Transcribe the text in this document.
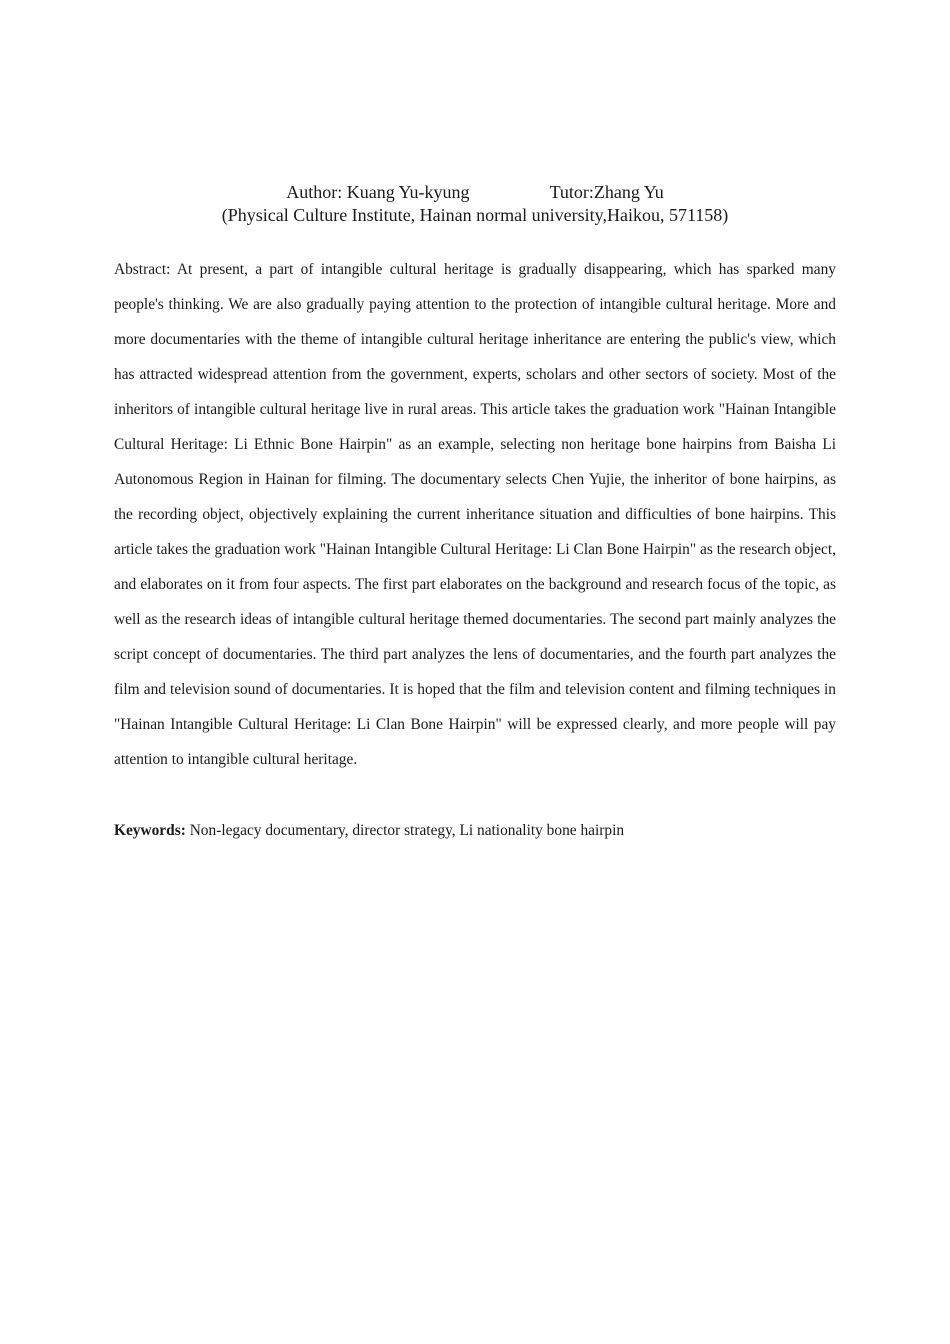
Author: Kuang Yu-kyung	Tutor:Zhang Yu
(Physical Culture Institute, Hainan normal university,Haikou, 571158)

Abstract: At present, a part of intangible cultural heritage is gradually disappearing, which has sparked many people's thinking. We are also gradually paying attention to the protection of intangible cultural heritage. More and more documentaries with the theme of intangible cultural heritage inheritance are entering the public's view, which has attracted widespread attention from the government, experts, scholars and other sectors of society. Most of the inheritors of intangible cultural heritage live in rural areas. This article takes the graduation work "Hainan Intangible Cultural Heritage: Li Ethnic Bone Hairpin" as an example, selecting non heritage bone hairpins from Baisha Li Autonomous Region in Hainan for filming. The documentary selects Chen Yujie, the inheritor of bone hairpins, as the recording object, objectively explaining the current inheritance situation and difficulties of bone hairpins. This article takes the graduation work "Hainan Intangible Cultural Heritage: Li Clan Bone Hairpin" as the research object, and elaborates on it from four aspects. The first part elaborates on the background and research focus of the topic, as well as the research ideas of intangible cultural heritage themed documentaries. The second part mainly analyzes the script concept of documentaries. The third part analyzes the lens of documentaries, and the fourth part analyzes the film and television sound of documentaries. It is hoped that the film and television content and filming techniques in "Hainan Intangible Cultural Heritage: Li Clan Bone Hairpin" will be expressed clearly, and more people will pay attention to intangible cultural heritage.

Keywords: Non-legacy documentary, director strategy, Li nationality bone hairpin
